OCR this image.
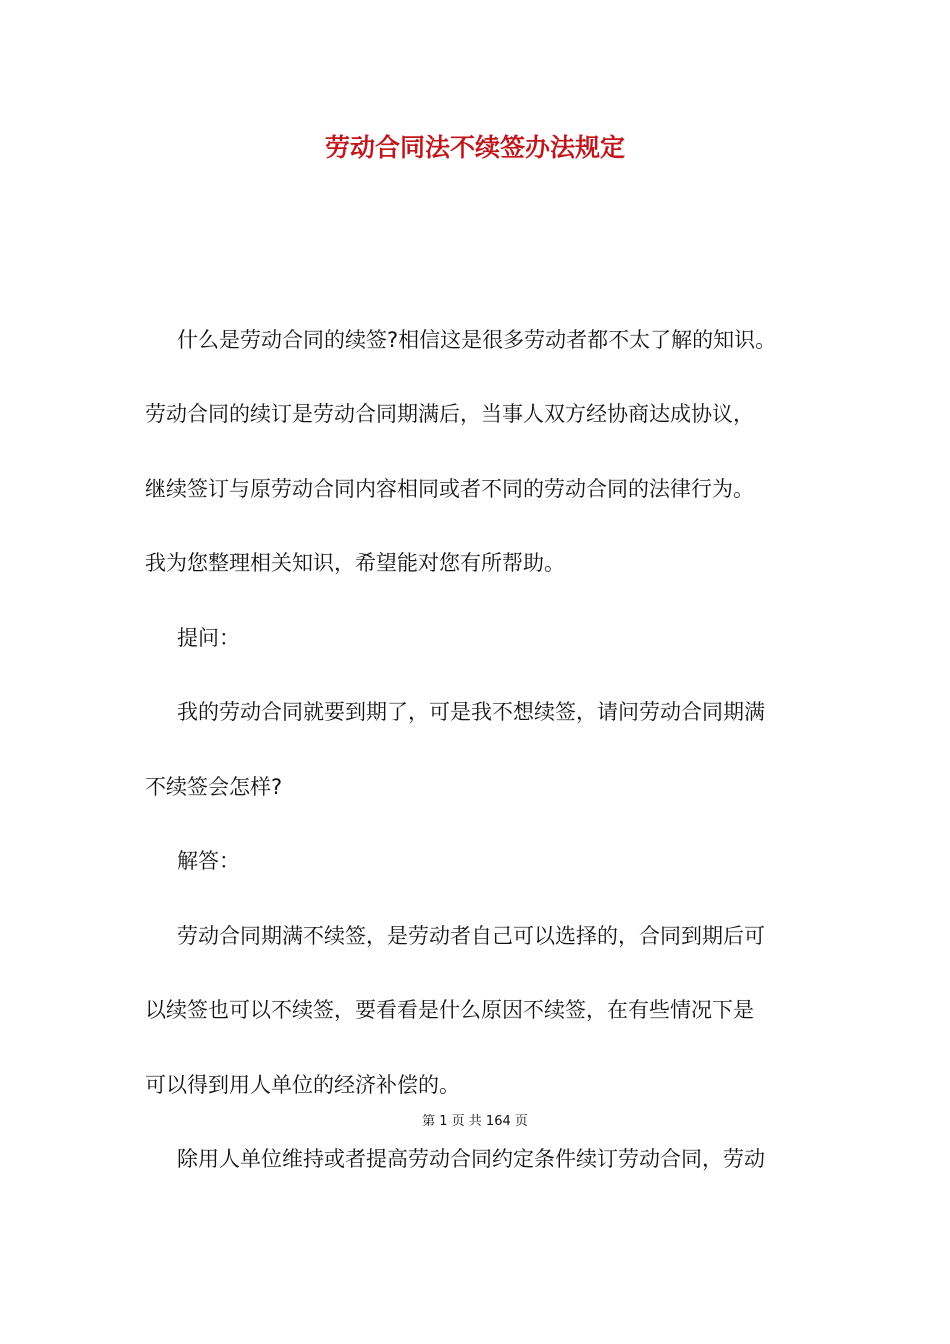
劳动合同法不续签办法规定

什么是劳动合同的续签?相信这是很多劳动者都不太了解的知识。

劳动合同的续订是劳动合同期满后，当事人双方经协商达成协议，

继续签订与原劳动合同内容相同或者不同的劳动合同的法律行为。

我为您整理相关知识，希望能对您有所帮助。

提问：

我的劳动合同就要到期了，可是我不想续签，请问劳动合同期满

不续签会怎样?

解答：

劳动合同期满不续签，是劳动者自己可以选择的，合同到期后可

以续签也可以不续签，要看看是什么原因不续签，在有些情况下是

可以得到用人单位的经济补偿的。

第 1 页 共 164 页

除用人单位维持或者提高劳动合同约定条件续订劳动合同，劳动
